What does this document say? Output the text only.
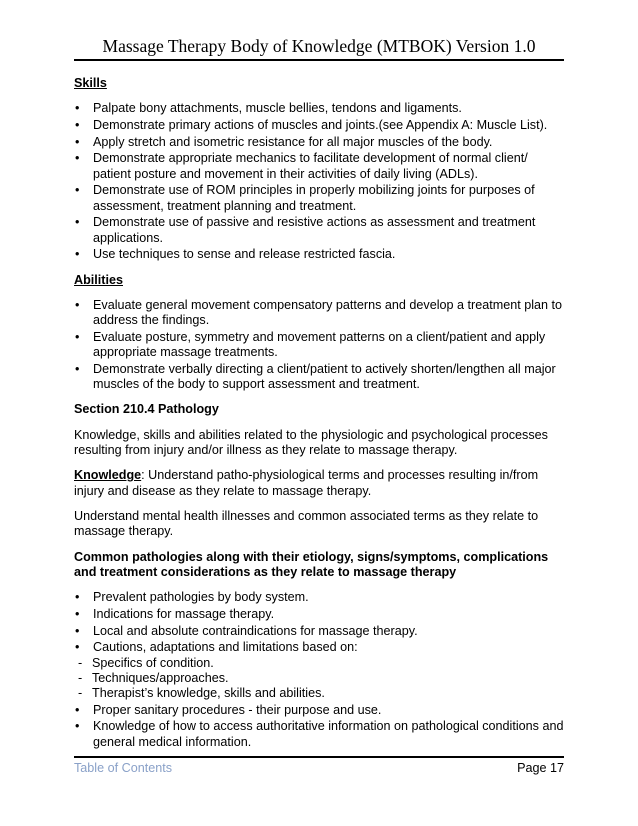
Massage Therapy Body of Knowledge (MTBOK) Version 1.0
Skills
• Palpate bony attachments, muscle bellies, tendons and ligaments.
• Demonstrate primary actions of muscles and joints.(see Appendix A: Muscle List).
• Apply stretch and isometric resistance for all major muscles of the body.
• Demonstrate appropriate mechanics to facilitate development of normal client/ patient posture and movement in their activities of daily living (ADLs).
• Demonstrate use of ROM principles in properly mobilizing joints for purposes of assessment, treatment planning and treatment.
• Demonstrate use of passive and resistive actions as assessment and treatment applications.
• Use techniques to sense and release restricted fascia.
Abilities
• Evaluate general movement compensatory patterns and develop a treatment plan to address the findings.
• Evaluate posture, symmetry and movement patterns on a client/patient and apply appropriate massage treatments.
• Demonstrate verbally directing a client/patient to actively shorten/lengthen all major muscles of the body to support assessment and treatment.
Section 210.4 Pathology

Knowledge, skills and abilities related to the physiologic and psychological processes resulting from injury and/or illness as they relate to massage therapy.

Knowledge: Understand patho-physiological terms and processes resulting in/from injury and disease as they relate to massage therapy.

Understand mental health illnesses and common associated terms as they relate to massage therapy.

Common pathologies along with their etiology, signs/symptoms, complications and treatment considerations as they relate to massage therapy
• Prevalent pathologies by body system.
• Indications for massage therapy.
• Local and absolute contraindications for massage therapy.
• Cautions, adaptations and limitations based on:
- Specifics of condition.
- Techniques/approaches.
- Therapist’s knowledge, skills and abilities.
• Proper sanitary procedures - their purpose and use.
• Knowledge of how to access authoritative information on pathological conditions and general medical information.
Table of Contents	Page 17
